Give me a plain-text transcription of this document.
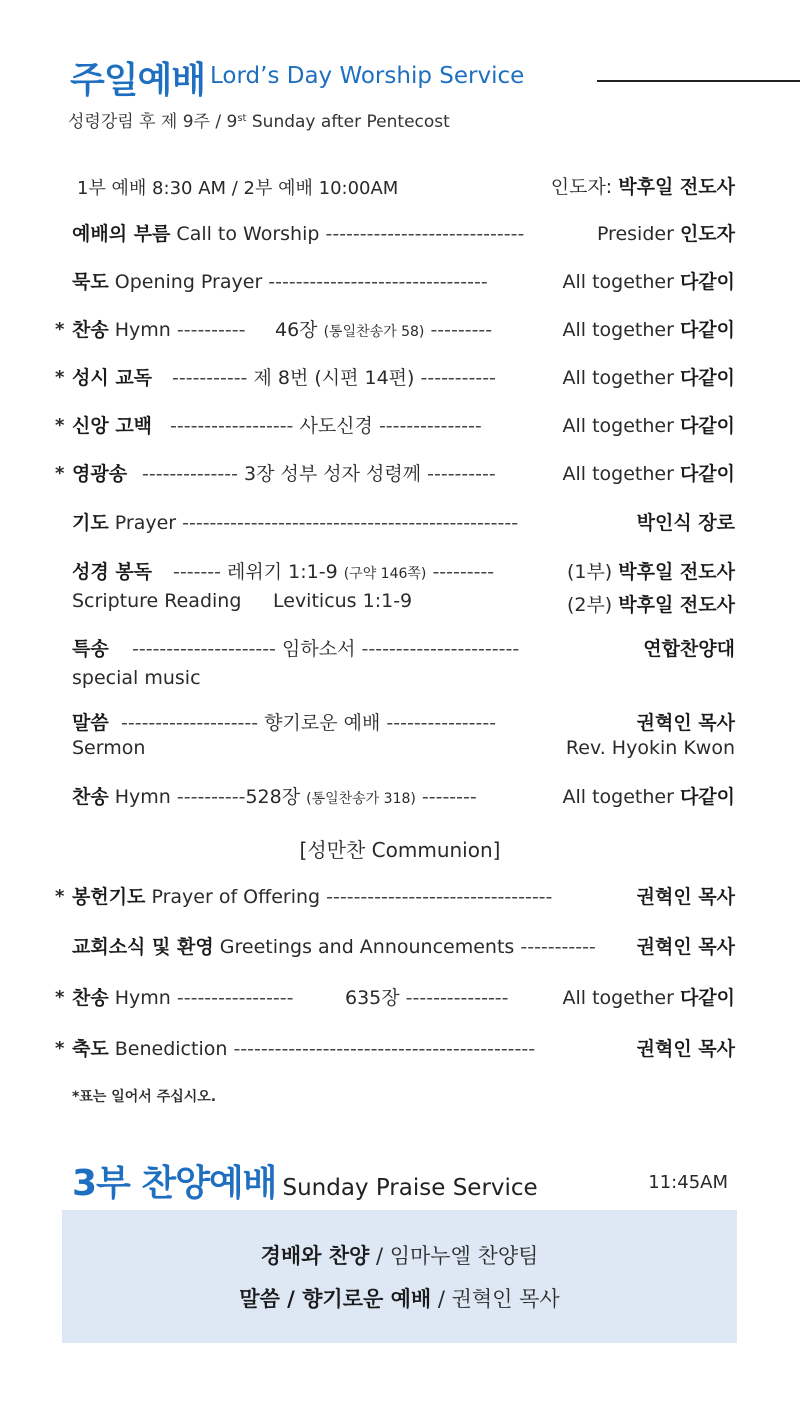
주일예배 Lord’s Day Worship Service
성령강림 후 제 9주 / 9st Sunday after Pentecost
1부 예배 8:30 AM / 2부 예배 10:00AM	인도자: 박후일 전도사
예배의 부름 Call to Worship -----------------------------	Presider 인도자
묵도 Opening Prayer --------------------------------	All together 다같이
* 찬송 Hymn ---------- 46장 (통일찬송가 58) ---------	All together 다같이
* 성시 교독 ----------- 제 8번 (시편 14편) -----------	All together 다같이
* 신앙 고백 ------------------ 사도신경 ---------------	All together 다같이
* 영광송 -------------- 3장 성부 성자 성령께 ----------	All together 다같이
기도 Prayer -------------------------------------------------	박인식 장로
성경 봉독 ------- 레위기 1:1-9 (구약 146쪽) ---------	(1부) 박후일 전도사
Scripture Reading Leviticus 1:1-9	(2부) 박후일 전도사
특송 --------------------- 임하소서 -----------------------	연합찬양대
special music
말씀 -------------------- 향기로운 예배 ----------------	권혁인 목사
Sermon	Rev. Hyokin Kwon
찬송 Hymn ----------528장 (통일찬송가 318) --------	All together 다같이
[성만찬 Communion]
* 봉헌기도 Prayer of Offering ---------------------------------	권혁인 목사
교회소식 및 환영 Greetings and Announcements ----------- 권혁인 목사
* 찬송 Hymn -----------------	635장 ---------------	All together 다같이
* 축도 Benediction --------------------------------------------	권혁인 목사
*표는 일어서 주십시오.
3부 찬양예배 Sunday Praise Service	11:45AM
경배와 찬양 / 임마누엘 찬양팀
말씀 / 향기로운 예배 / 권혁인 목사
